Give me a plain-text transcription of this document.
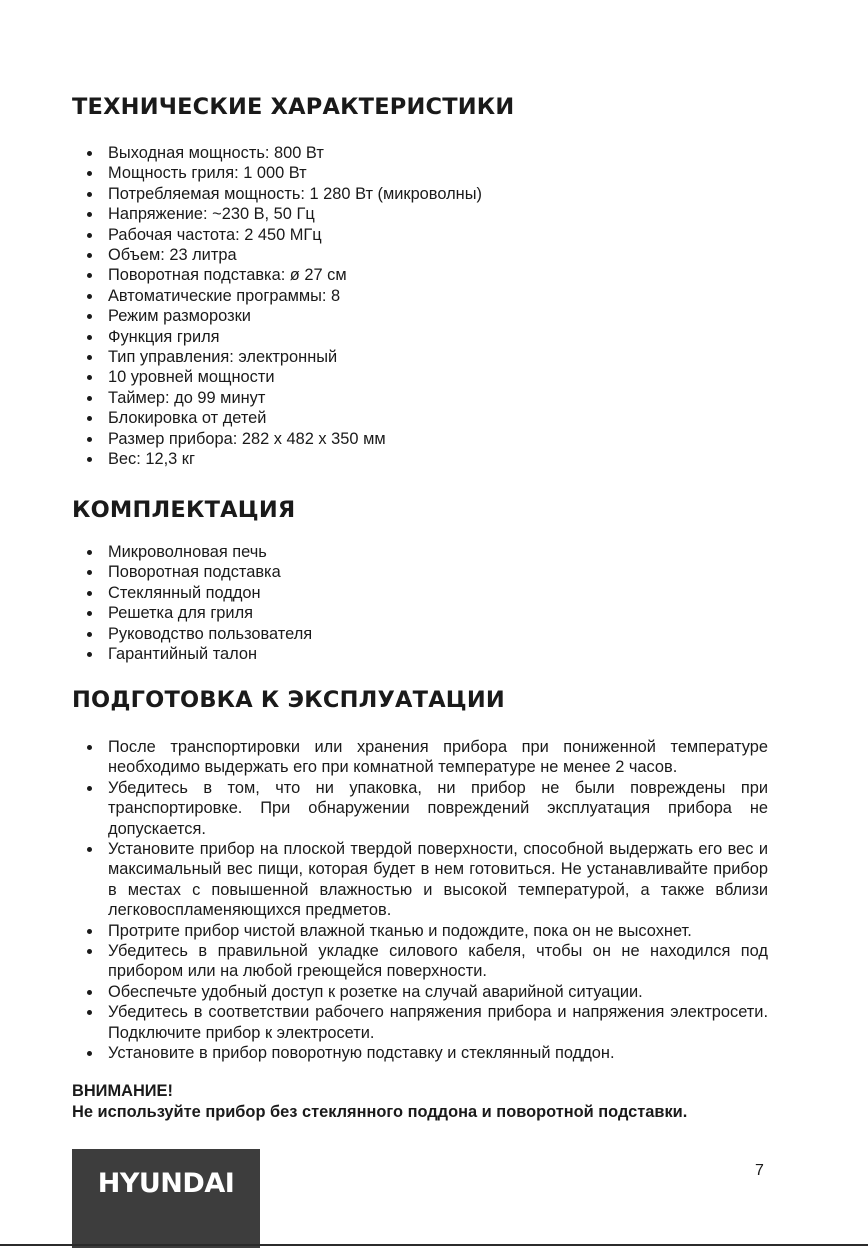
ТЕХНИЧЕСКИЕ ХАРАКТЕРИСТИКИ
Выходная мощность: 800 Вт
Мощность гриля: 1 000 Вт
Потребляемая мощность: 1 280 Вт (микроволны)
Напряжение: ~230 В, 50 Гц
Рабочая частота: 2 450 МГц
Объем: 23 литра
Поворотная подставка: ø 27 см
Автоматические программы: 8
Режим разморозки
Функция гриля
Тип управления: электронный
10 уровней мощности
Таймер: до 99 минут
Блокировка от детей
Размер прибора: 282 х 482 х 350 мм
Вес: 12,3 кг
КОМПЛЕКТАЦИЯ
Микроволновая печь
Поворотная подставка
Стеклянный поддон
Решетка для гриля
Руководство пользователя
Гарантийный талон
ПОДГОТОВКА К ЭКСПЛУАТАЦИИ
После транспортировки или хранения прибора при пониженной температуре необходимо выдержать его при комнатной температуре не менее 2 часов.
Убедитесь в том, что ни упаковка, ни прибор не были повреждены при транспортировке. При обнаружении повреждений эксплуатация прибора не допускается.
Установите прибор на плоской твердой поверхности, способной выдержать его вес и максимальный вес пищи, которая будет в нем готовиться. Не устанавливайте прибор в местах с повышенной влажностью и высокой температурой, а также вблизи легковоспламеняющихся предметов.
Протрите прибор чистой влажной тканью и подождите, пока он не высохнет.
Убедитесь в правильной укладке силового кабеля, чтобы он не находился под прибором или на любой греющейся поверхности.
Обеспечьте удобный доступ к розетке на случай аварийной ситуации.
Убедитесь в соответствии рабочего напряжения прибора и напряжения электросети. Подключите прибор к электросети.
Установите в прибор поворотную подставку и стеклянный поддон.
ВНИМАНИЕ!
Не используйте прибор без стеклянного поддона и поворотной подставки.
HYUNDAI	7
